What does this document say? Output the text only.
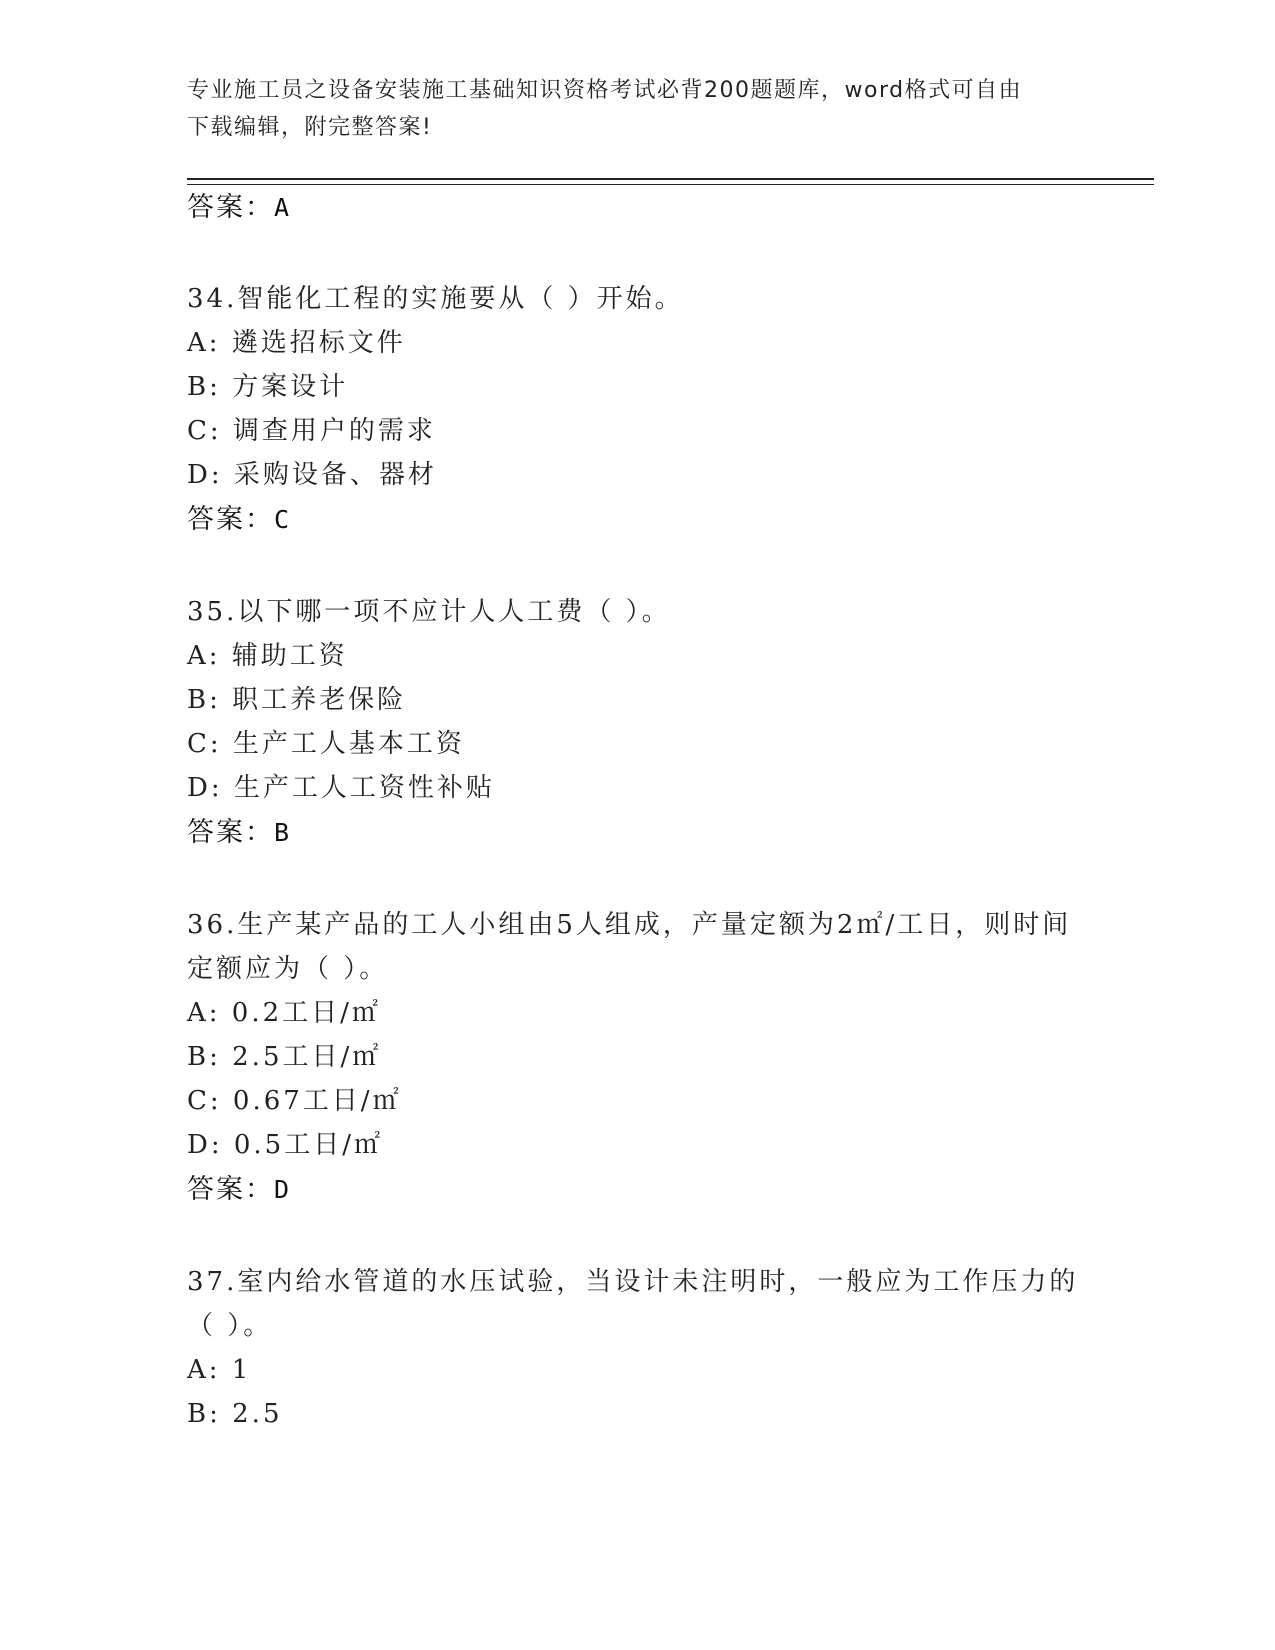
专业施工员之设备安装施工基础知识资格考试必背200题题库，word格式可自由
下载编辑，附完整答案!
答案：A
34.智能化工程的实施要从（ ）开始。
A: 遴选招标文件
B: 方案设计
C: 调查用户的需求
D: 采购设备、器材
答案：C
35.以下哪一项不应计人人工费（ ）。
A: 辅助工资
B: 职工养老保险
C: 生产工人基本工资
D: 生产工人工资性补贴
答案：B
36.生产某产品的工人小组由5人组成，产量定额为2㎡/工日，则时间
定额应为（ ）。
A: 0.2工日/㎡
B: 2.5工日/㎡
C: 0.67工日/㎡
D: 0.5工日/㎡
答案：D
37.室内给水管道的水压试验，当设计未注明时，一般应为工作压力的
（ ）。
A: 1
B: 2.5
